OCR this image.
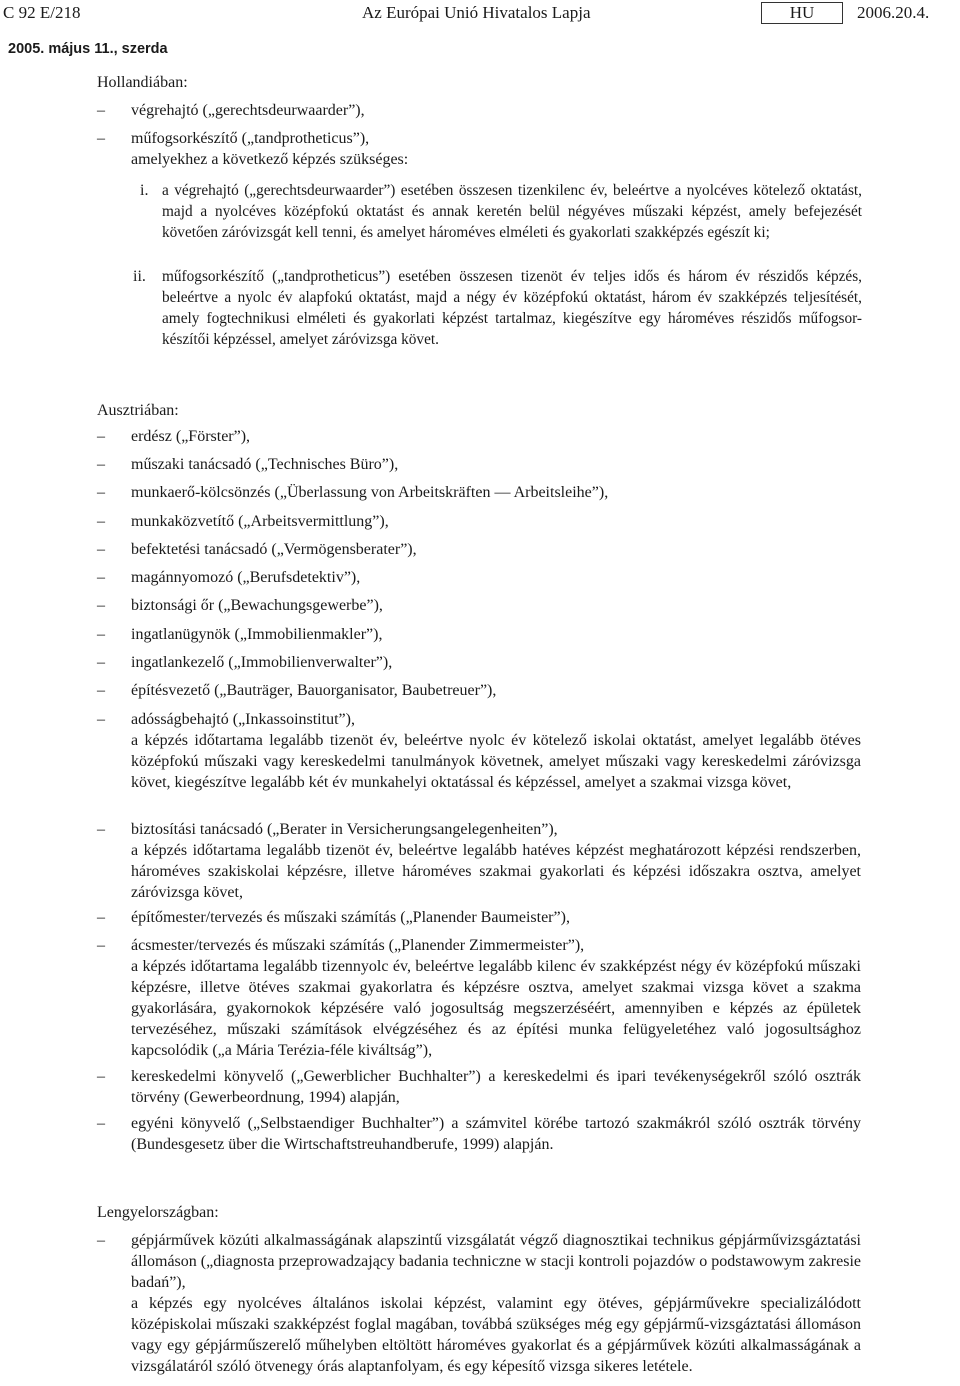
C 92 E/218	Az Európai Unió Hivatalos Lapja	HU	2006.20.4.
2005. május 11., szerda
Hollandiában:
– végrehajtó („gerechtsdeurwaarder”),
– műfogsorkészítő („tandprotheticus”),
amelyekhez a következő képzés szükséges:
i. a végrehajtó („gerechtsdeurwaarder”) esetében összesen tizenkilenc év, beleértve a nyolcéves kötelező oktatást, majd a nyolcéves középfokú oktatást és annak keretén belül négyéves műszaki képzést, amely befejezését követően záróvizsgát kell tenni, és amelyet hároméves elméleti és gyakorlati szakképzés egészít ki;
ii. műfogsorkészítő („tandprotheticus”) esetében összesen tizenöt év teljes idős és három év részidős képzés, beleértve a nyolc év alapfokú oktatást, majd a négy év középfokú oktatást, három év szakképzés teljesítését, amely fogtechnikusi elméleti és gyakorlati képzést tartalmaz, kiegészítve egy hároméves részidős műfogsor-készítői képzéssel, amelyet záróvizsga követ.
Ausztriában:
– erdész („Förster”),
– műszaki tanácsadó („Technisches Büro”),
– munkaerő-kölcsönzés („Überlassung von Arbeitskräften — Arbeitsleihe”),
– munkaközvetítő („Arbeitsvermittlung”),
– befektetési tanácsadó („Vermögensberater”),
– magánnyomozó („Berufsdetektiv”),
– biztonsági őr („Bewachungsgewerbe”),
– ingatlanügynök („Immobilienmakler”),
– ingatlankezelő („Immobilienverwalter”),
– építésvezető („Bauträger, Bauorganisator, Baubetreuer”),
– adósságbehajtó („Inkassoinstitut”),
a képzés időtartama legalább tizenöt év, beleértve nyolc év kötelező iskolai oktatást, amelyet legalább ötéves középfokú műszaki vagy kereskedelmi tanulmányok követnek, amelyet műszaki vagy kereskedelmi záróvizsga követ, kiegészítve legalább két év munkahelyi oktatással és képzéssel, amelyet a szakmai vizsga követ,
– biztosítási tanácsadó („Berater in Versicherungsangelegenheiten”),
a képzés időtartama legalább tizenöt év, beleértve legalább hatéves képzést meghatározott képzési rendszerben, hároméves szakiskolai képzésre, illetve hároméves szakmai gyakorlati és képzési időszakra osztva, amelyet záróvizsga követ,
– építőmester/tervezés és műszaki számítás („Planender Baumeister”),
– ácsmester/tervezés és műszaki számítás („Planender Zimmermeister”),
a képzés időtartama legalább tizennyolc év, beleértve legalább kilenc év szakképzést négy év középfokú műszaki képzésre, illetve ötéves szakmai gyakorlatra és képzésre osztva, amelyet szakmai vizsga követ a szakma gyakorlására, gyakornokok képzésére való jogosultság megszerzéséért, amennyiben e képzés az épületek tervezéséhez, műszaki számítások elvégzéséhez és az építési munka felügyeletéhez való jogosultsághoz kapcsolódik („a Mária Terézia-féle kiváltság”),
– kereskedelmi könyvelő („Gewerblicher Buchhalter”) a kereskedelmi és ipari tevékenységekről szóló osztrák törvény (Gewerbeordnung, 1994) alapján,
– egyéni könyvelő („Selbstaendiger Buchhalter”) a számvitel körébe tartozó szakmákról szóló osztrák törvény (Bundesgesetz über die Wirtschaftstreuhandberufe, 1999) alapján.
Lengyelországban:
– gépjárművek közúti alkalmasságának alapszintű vizsgálatát végző diagnosztikai technikus gépjárművizsgáztatási állomáson („diagnosta przeprowadzający badania techniczne w stacji kontroli pojazdów o podstawowym zakresie badań”),
a képzés egy nyolcéves általános iskolai képzést, valamint egy ötéves, gépjárművekre specializálódott középiskolai műszaki szakképzést foglal magában, továbbá szükséges még egy gépjármű-vizsgáztatási állomáson vagy egy gépjárműszerelő műhelyben eltöltött hároméves gyakorlat és a gépjárművek közúti alkalmasságának a vizsgálatáról szóló ötvenegy órás alaptanfolyam, és egy képesítő vizsga sikeres letétele.
